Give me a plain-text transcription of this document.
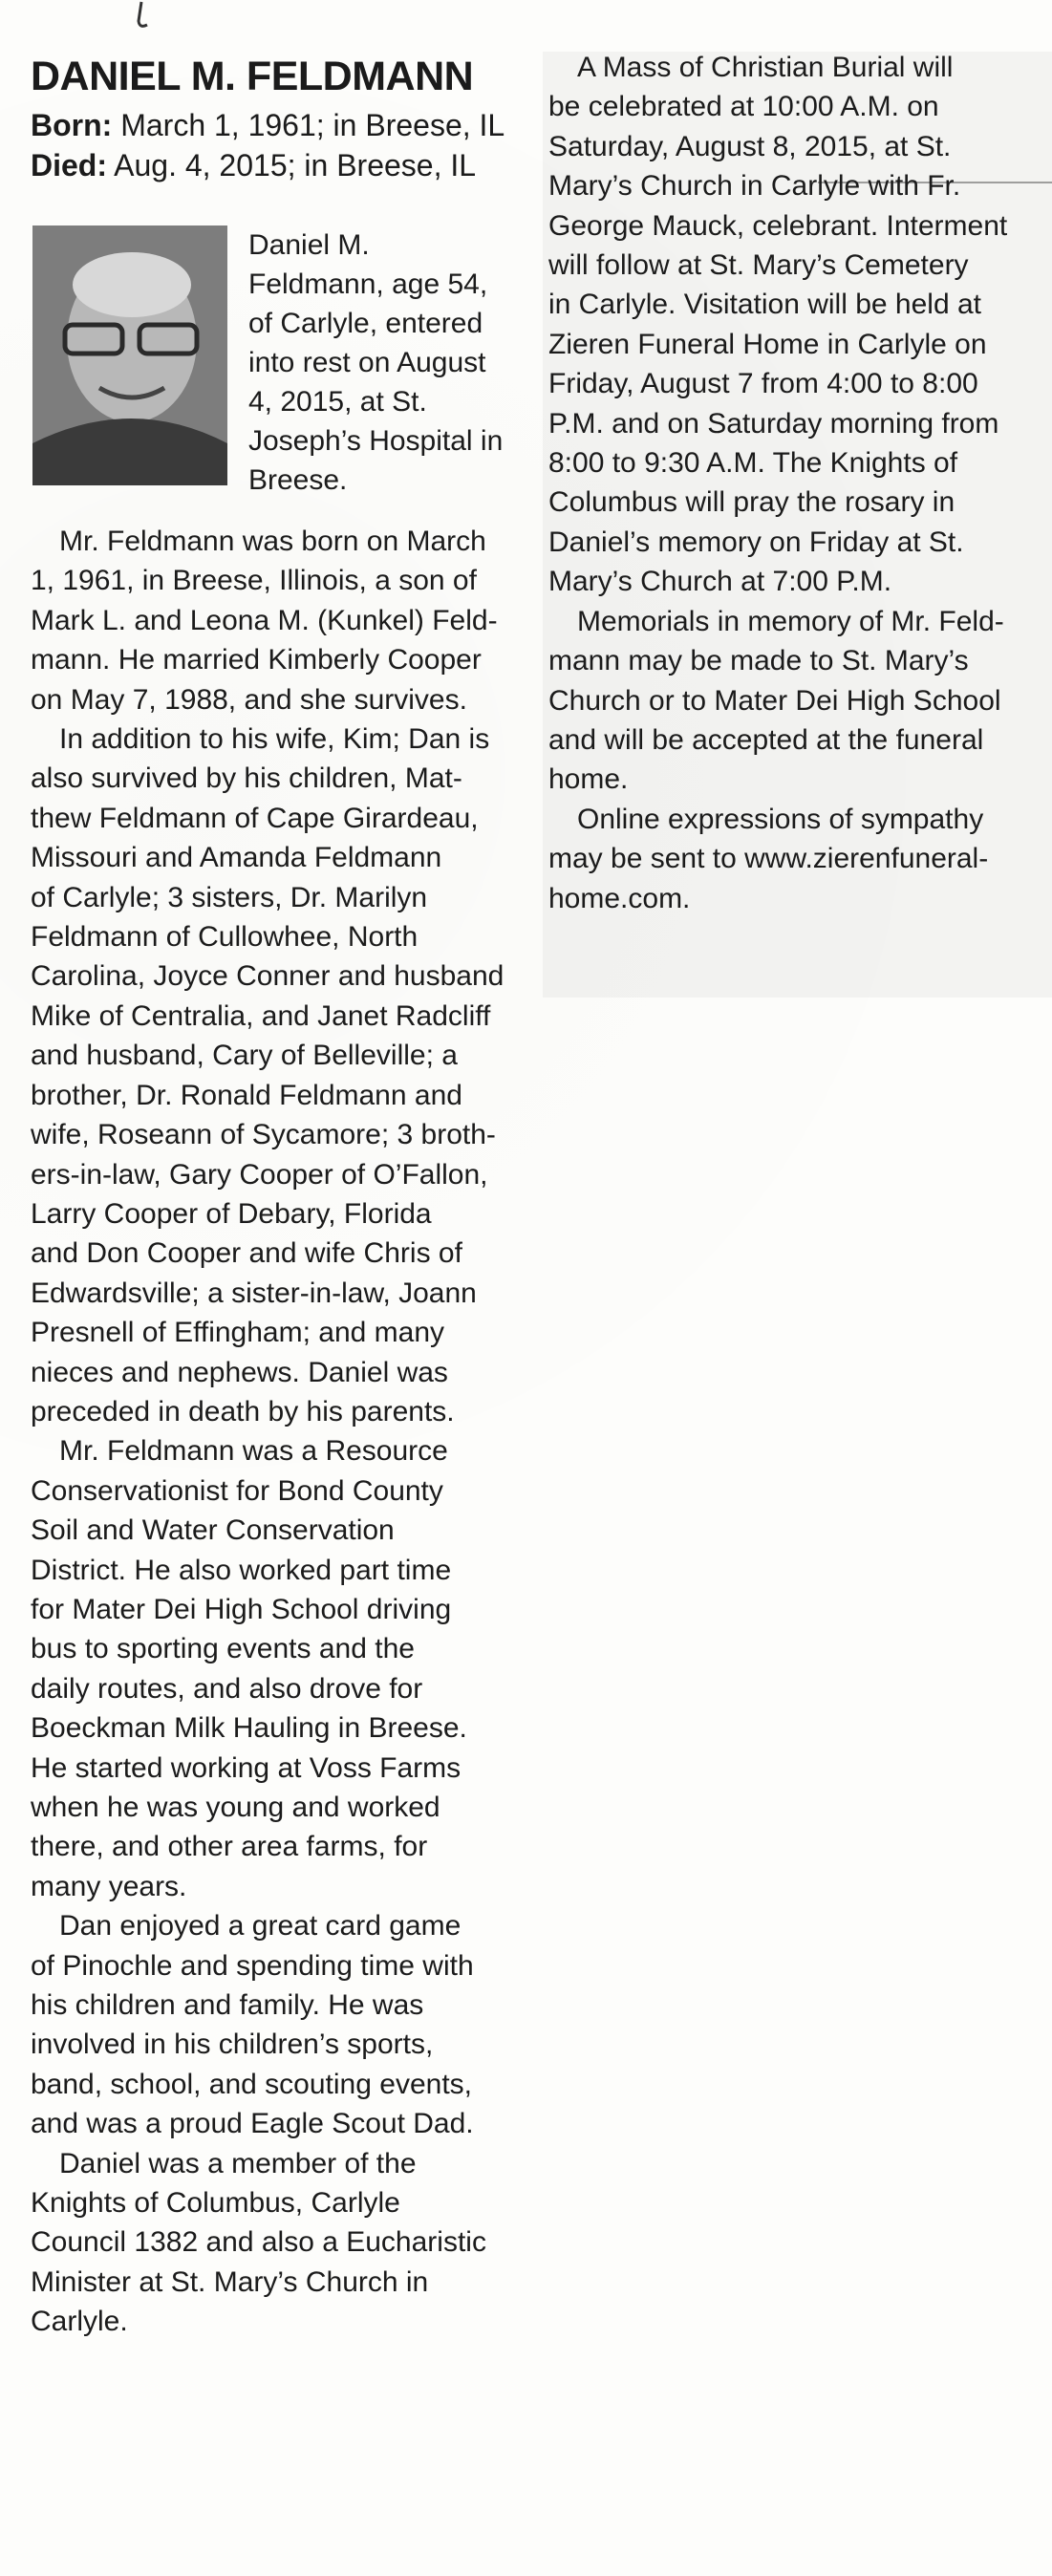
DANIEL M. FELDMANN
Born: March 1, 1961; in Breese, IL
Died: Aug. 4, 2015; in Breese, IL
Daniel M.
Feldmann, age 54,
of Carlyle, entered
into rest on August
4, 2015, at St.
Joseph’s Hospital in
Breese.
Mr. Feldmann was born on March
1, 1961, in Breese, Illinois, a son of
Mark L. and Leona M. (Kunkel) Feld-
mann. He married Kimberly Cooper
on May 7, 1988, and she survives.
In addition to his wife, Kim; Dan is
also survived by his children, Mat-
thew Feldmann of Cape Girardeau,
Missouri and Amanda Feldmann
of Carlyle; 3 sisters, Dr. Marilyn
Feldmann of Cullowhee, North
Carolina, Joyce Conner and husband
Mike of Centralia, and Janet Radcliff
and husband, Cary of Belleville; a
brother, Dr. Ronald Feldmann and
wife, Roseann of Sycamore; 3 broth-
ers-in-law, Gary Cooper of O’Fallon,
Larry Cooper of Debary, Florida
and Don Cooper and wife Chris of
Edwardsville; a sister-in-law, Joann
Presnell of Effingham; and many
nieces and nephews. Daniel was
preceded in death by his parents.
Mr. Feldmann was a Resource
Conservationist for Bond County
Soil and Water Conservation
District. He also worked part time
for Mater Dei High School driving
bus to sporting events and the
daily routes, and also drove for
Boeckman Milk Hauling in Breese.
He started working at Voss Farms
when he was young and worked
there, and other area farms, for
many years.
Dan enjoyed a great card game
of Pinochle and spending time with
his children and family. He was
involved in his children’s sports,
band, school, and scouting events,
and was a proud Eagle Scout Dad.
Daniel was a member of the
Knights of Columbus, Carlyle
Council 1382 and also a Eucharistic
Minister at St. Mary’s Church in
Carlyle.
A Mass of Christian Burial will
be celebrated at 10:00 A.M. on
Saturday, August 8, 2015, at St.
Mary’s Church in Carlyle with Fr.
George Mauck, celebrant. Interment
will follow at St. Mary’s Cemetery
in Carlyle. Visitation will be held at
Zieren Funeral Home in Carlyle on
Friday, August 7 from 4:00 to 8:00
P.M. and on Saturday morning from
8:00 to 9:30 A.M. The Knights of
Columbus will pray the rosary in
Daniel’s memory on Friday at St.
Mary’s Church at 7:00 P.M.
Memorials in memory of Mr. Feld-
mann may be made to St. Mary’s
Church or to Mater Dei High School
and will be accepted at the funeral
home.
Online expressions of sympathy
may be sent to www.zierenfuneral-
home.com.
